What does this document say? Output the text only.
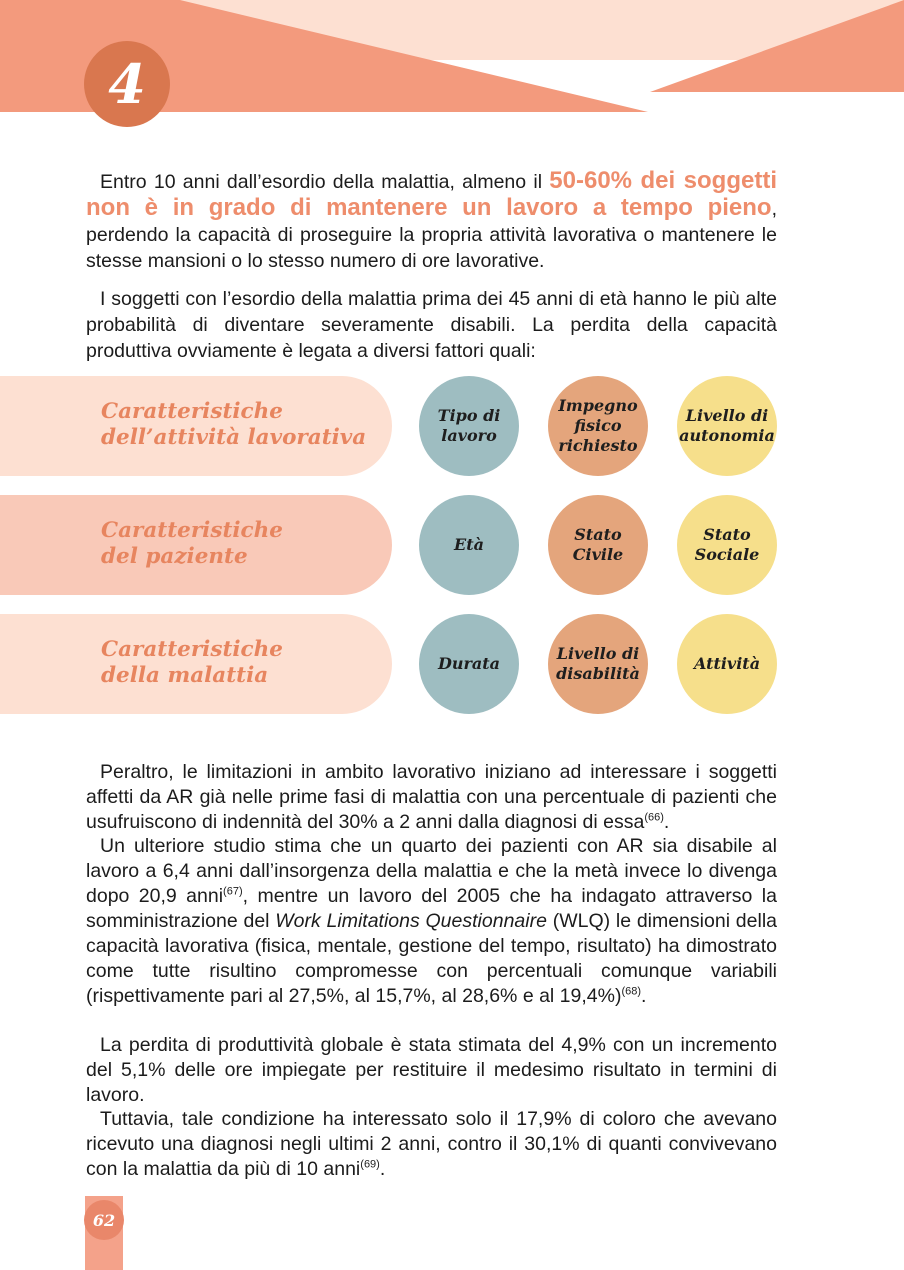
4

Entro 10 anni dall’esordio della malattia, almeno il 50-60% dei soggetti non è in grado di mantenere un lavoro a tempo pieno, perdendo la capacità di proseguire la propria attività lavorativa o mantenere le stesse mansioni o lo stesso numero di ore lavorative.

I soggetti con l’esordio della malattia prima dei 45 anni di età hanno le più alte probabilità di diventare severamente disabili. La perdita della capacità produttiva ovviamente è legata a diversi fattori quali:

Caratteristiche
dell’attività lavorativa
Tipo di
lavoro
Impegno
fisico
richiesto
Livello di
autonomia
Caratteristiche
del paziente	Età
Stato
Civile
Stato
Sociale
Caratteristiche
della malattia	Durata
Livello di
disabilità
Attività

Peraltro, le limitazioni in ambito lavorativo iniziano ad interessare i soggetti affetti da AR già nelle prime fasi di malattia con una percentuale di pazienti che usufruiscono di indennità del 30% a 2 anni dalla diagnosi di essa$^{(66)}$.

Un ulteriore studio stima che un quarto dei pazienti con AR sia disabile al lavoro a 6,4 anni dall’insorgenza della malattia e che la metà invece lo divenga dopo 20,9 anni$^{(67)}$, mentre un lavoro del 2005 che ha indagato attraverso la somministrazione del Work Limitations Questionnaire (WLQ) le dimensioni della capacità lavorativa (fisica, mentale, gestione del tempo, risultato) ha dimostrato come tutte risultino compromesse con percentuali comunque variabili (rispettivamente pari al 27,5%, al 15,7%, al 28,6% e al 19,4%)$^{(68)}$.

La perdita di produttività globale è stata stimata del 4,9% con un incremento del 5,1% delle ore impiegate per restituire il medesimo risultato in termini di lavoro.

Tuttavia, tale condizione ha interessato solo il 17,9% di coloro che avevano ricevuto una diagnosi negli ultimi 2 anni, contro il 30,1% di quanti convivevano con la malattia da più di 10 anni$^{(69)}$.

62
